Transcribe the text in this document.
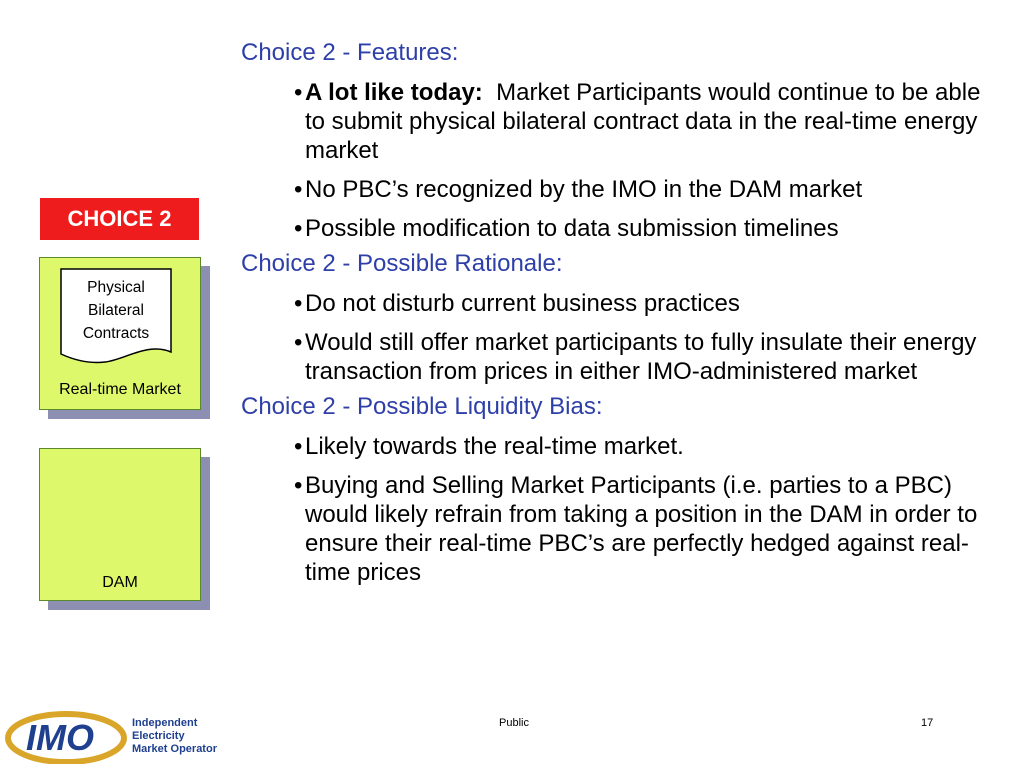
CHOICE 2
Physical
Bilateral
Contracts
Real-time Market
DAM

Choice 2 - Features:

• A lot like today: Market Participants would continue to be able to submit physical bilateral contract data in the real-time energy market
• No PBC’s recognized by the IMO in the DAM market
• Possible modification to data submission timelines

Choice 2 - Possible Rationale:

• Do not disturb current business practices
• Would still offer market participants to fully insulate their energy transaction from prices in either IMO-administered market

Choice 2 - Possible Liquidity Bias:

• Likely towards the real-time market.
• Buying and Selling Market Participants (i.e. parties to a PBC) would likely refrain from taking a position in the DAM in order to ensure their real-time PBC’s are perfectly hedged against real-time prices
IMO	Independent
Electricity
Market Operator
Public	17
